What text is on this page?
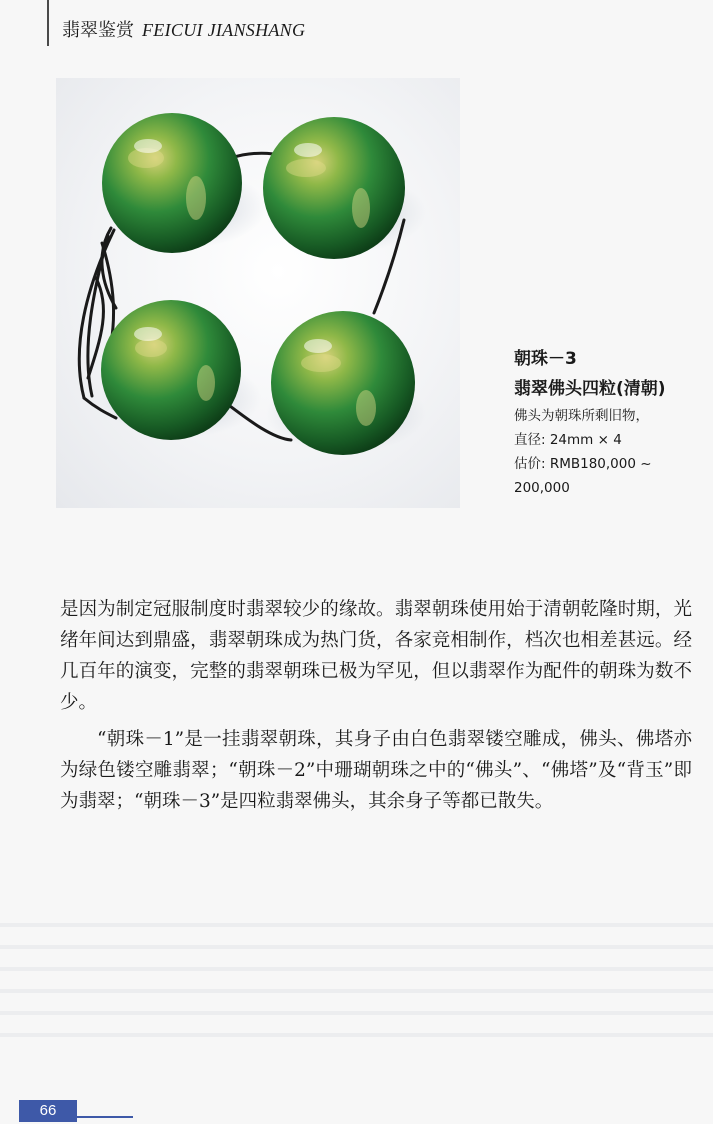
翡翠鉴赏 FEICUI JIANSHANG
朝珠－3
翡翠佛头四粒(清朝)
佛头为朝珠所剩旧物，
直径: 24mm × 4
估价: RMB180,000 ~
200,000

是因为制定冠服制度时翡翠较少的缘故。翡翠朝珠使用始于清朝乾隆时期，光绪年间达到鼎盛，翡翠朝珠成为热门货，各家竞相制作，档次也相差甚远。经几百年的演变，完整的翡翠朝珠已极为罕见，但以翡翠作为配件的朝珠为数不少。

“朝珠－1”是一挂翡翠朝珠，其身子由白色翡翠镂空雕成，佛头、佛塔亦为绿色镂空雕翡翠；“朝珠－2”中珊瑚朝珠之中的“佛头”、“佛塔”及“背玉”即为翡翠；“朝珠－3”是四粒翡翠佛头，其余身子等都已散失。

66
